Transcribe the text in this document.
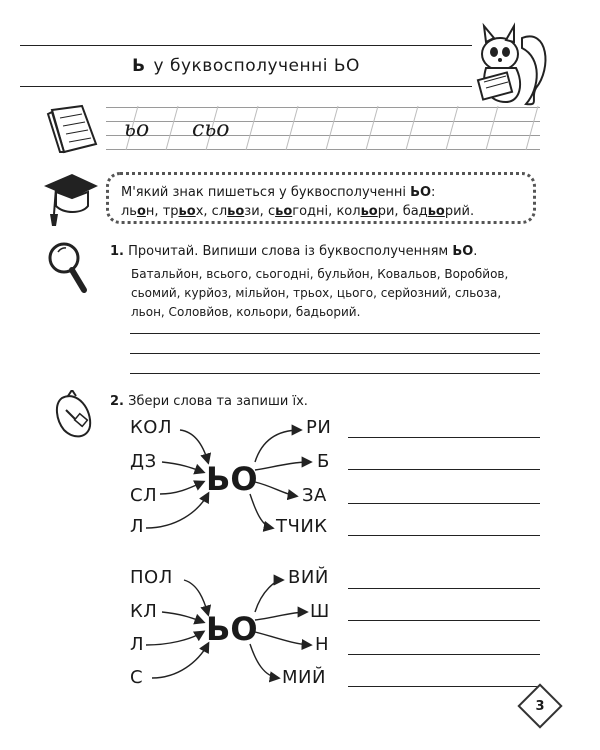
Ь у буквосполученні ЬО
ьо сьо
М'який знак пишеться у буквосполученні ЬО:
льон, трьох, сльози, сьогодні, кольори, бадьорий.
1. Прочитай. Випиши слова із буквосполученням ЬО.
Батальйон, всього, сьогодні, бульйон, Ковальов, Воробйов,
сьомий, курйоз, мільйон, трьох, цього, серйозний, сльоза,
льон, Соловйов, кольори, бадьорий.
2. Збери слова та запиши їх.
КОЛ
ДЗ
СЛ
Л
ЬО
РИ
Б
ЗА
ТЧИК
ПОЛ
КЛ
Л
С
ЬО
ВИЙ
Ш
Н
МИЙ
3
